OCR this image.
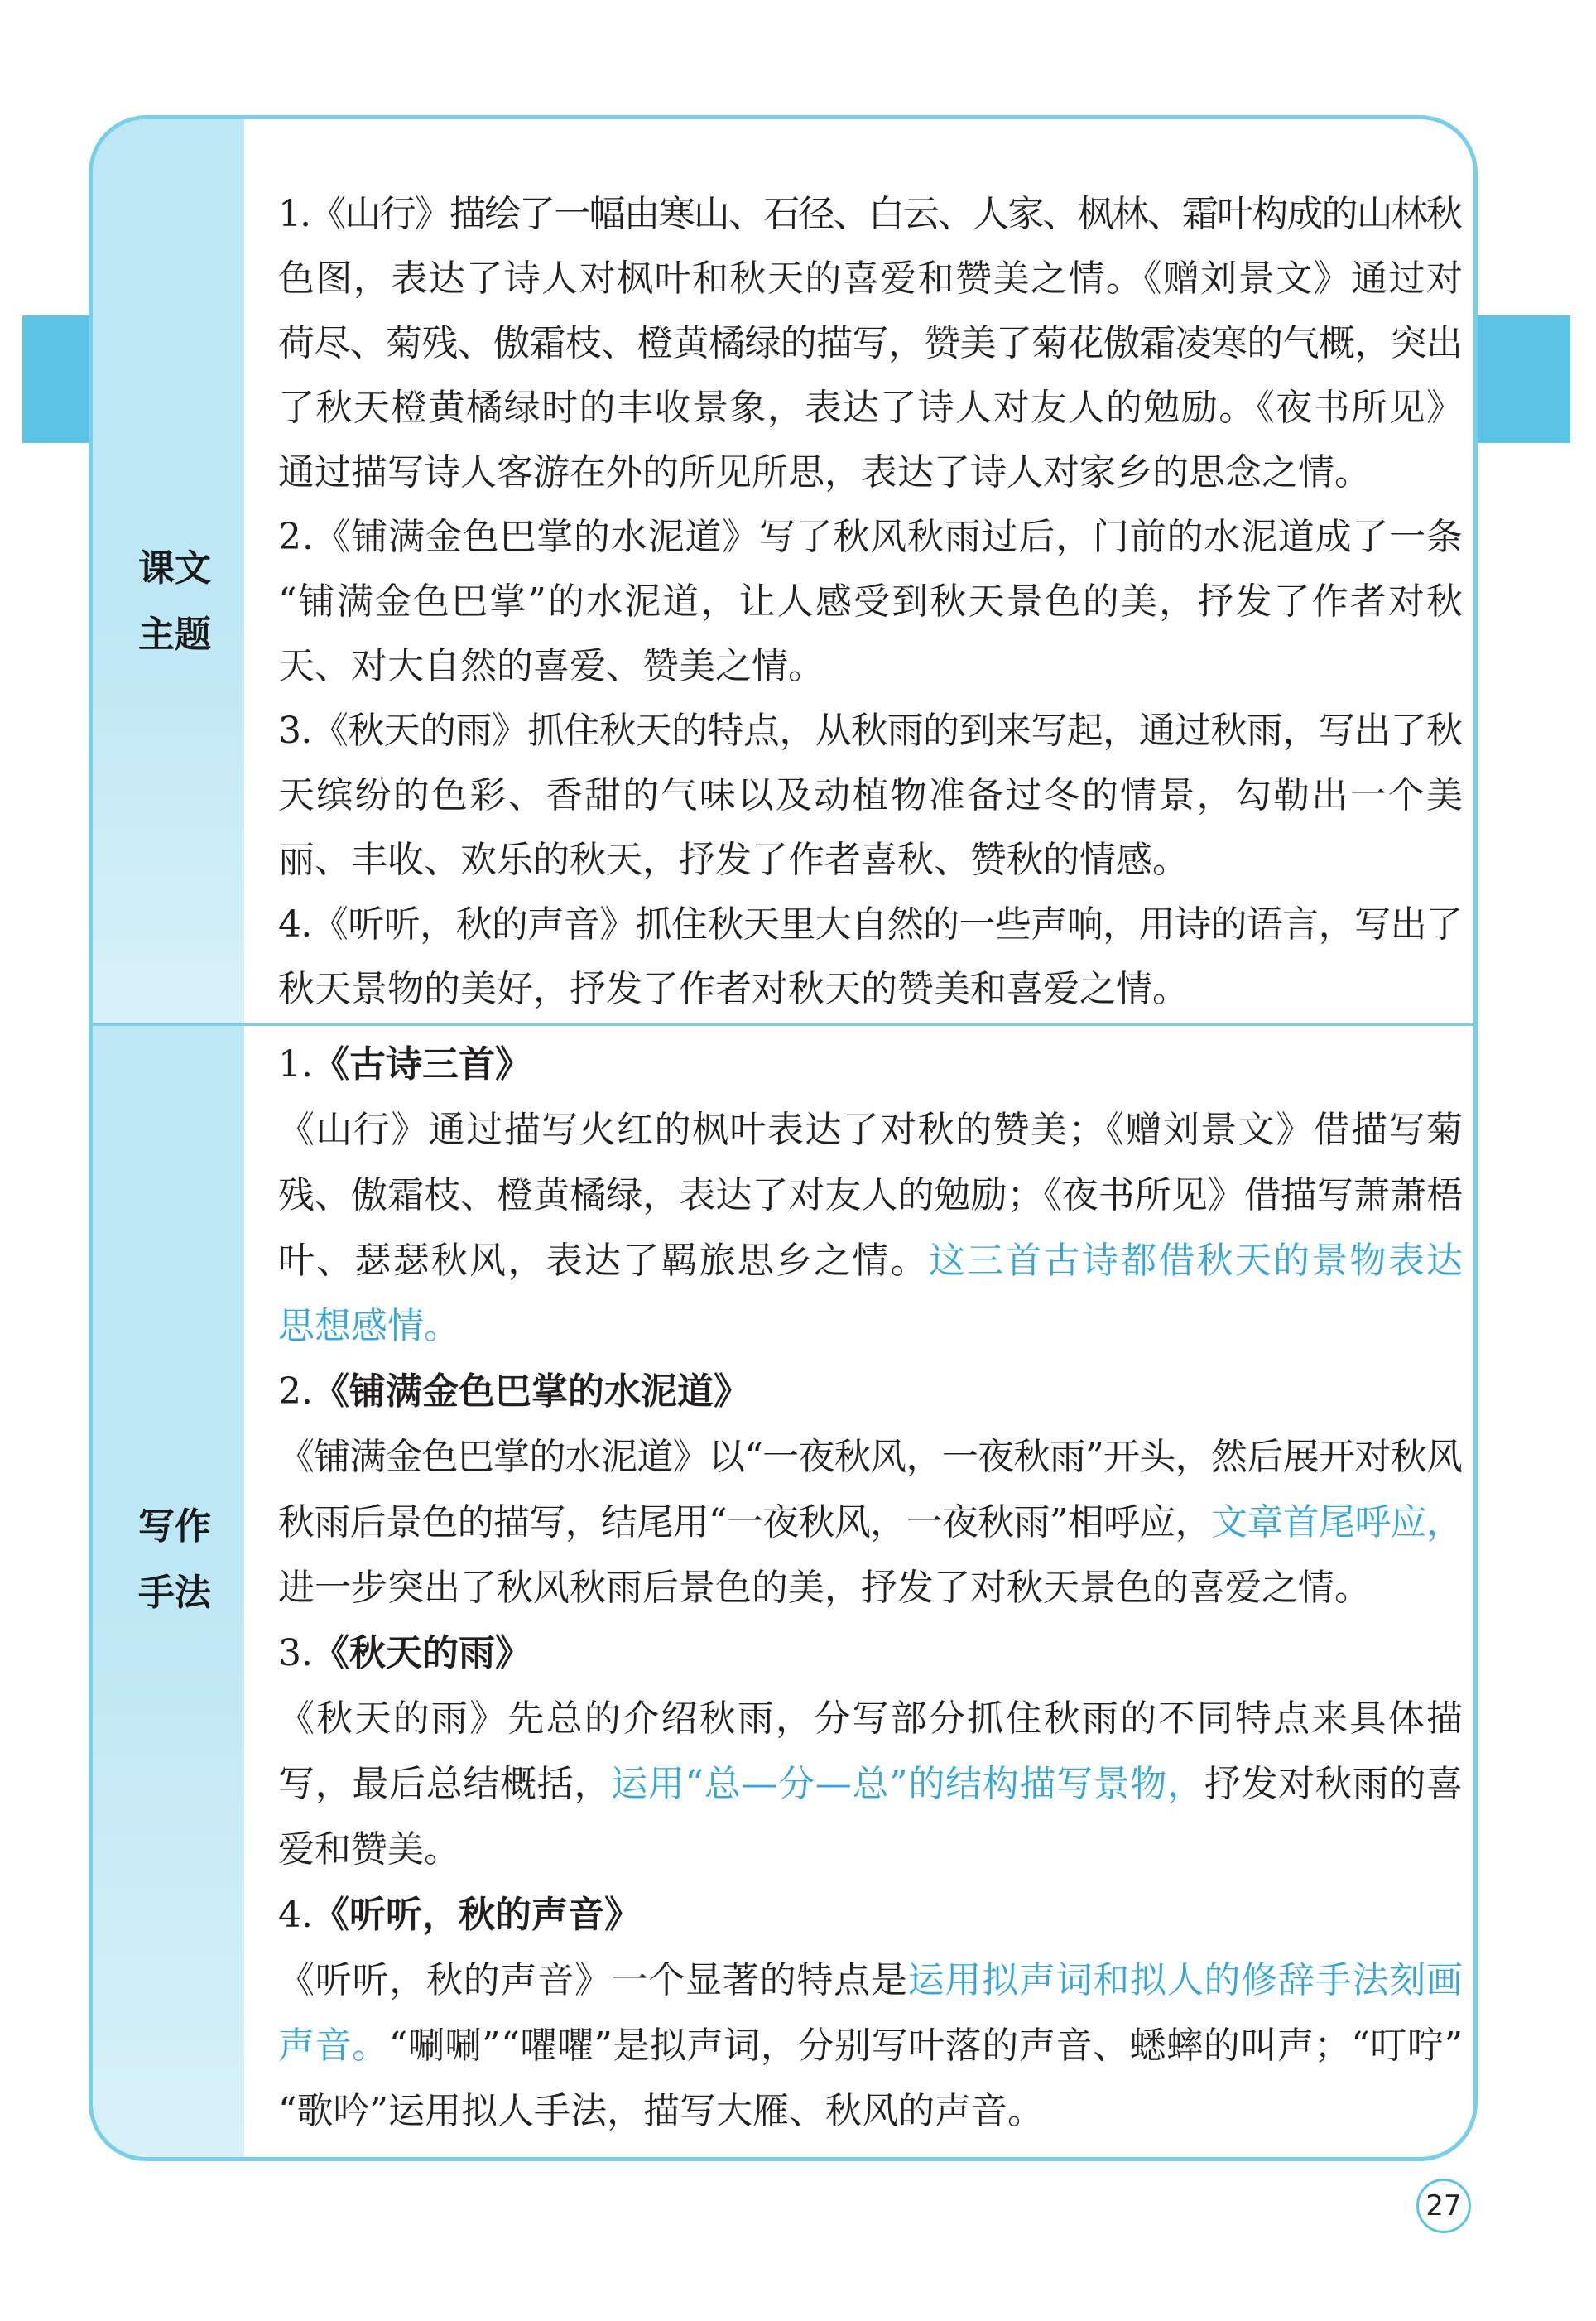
课文
主题
1.《山行》描绘了一幅由寒山、石径、白云、人家、枫林、霜叶构成的山林秋
色图，表达了诗人对枫叶和秋天的喜爱和赞美之情。《赠刘景文》通过对
荷尽、菊残、傲霜枝、橙黄橘绿的描写，赞美了菊花傲霜凌寒的气概，突出
了秋天橙黄橘绿时的丰收景象，表达了诗人对友人的勉励。《夜书所见》
通过描写诗人客游在外的所见所思，表达了诗人对家乡的思念之情。
2.《铺满金色巴掌的水泥道》写了秋风秋雨过后，门前的水泥道成了一条
“铺满金色巴掌”的水泥道，让人感受到秋天景色的美，抒发了作者对秋
天、对大自然的喜爱、赞美之情。
3.《秋天的雨》抓住秋天的特点，从秋雨的到来写起，通过秋雨，写出了秋
天缤纷的色彩、香甜的气味以及动植物准备过冬的情景，勾勒出一个美
丽、丰收、欢乐的秋天，抒发了作者喜秋、赞秋的情感。
4.《听听，秋的声音》抓住秋天里大自然的一些声响，用诗的语言，写出了
秋天景物的美好，抒发了作者对秋天的赞美和喜爱之情。
写作
手法
1.《古诗三首》
《山行》通过描写火红的枫叶表达了对秋的赞美；《赠刘景文》借描写菊
残、傲霜枝、橙黄橘绿，表达了对友人的勉励；《夜书所见》借描写萧萧梧
叶、瑟瑟秋风，表达了羁旅思乡之情。这三首古诗都借秋天的景物表达
思想感情。
2.《铺满金色巴掌的水泥道》
《铺满金色巴掌的水泥道》以“一夜秋风，一夜秋雨”开头，然后展开对秋风
秋雨后景色的描写，结尾用“一夜秋风，一夜秋雨”相呼应，文章首尾呼应，
进一步突出了秋风秋雨后景色的美，抒发了对秋天景色的喜爱之情。
3.《秋天的雨》
《秋天的雨》先总的介绍秋雨，分写部分抓住秋雨的不同特点来具体描
写，最后总结概括，运用“总—分—总”的结构描写景物，抒发对秋雨的喜
爱和赞美。
4.《听听，秋的声音》
《听听，秋的声音》一个显著的特点是运用拟声词和拟人的修辞手法刻画
声音。“唰唰”“㘗㘗”是拟声词，分别写叶落的声音、蟋蟀的叫声；“叮咛”
“歌吟”运用拟人手法，描写大雁、秋风的声音。
27
